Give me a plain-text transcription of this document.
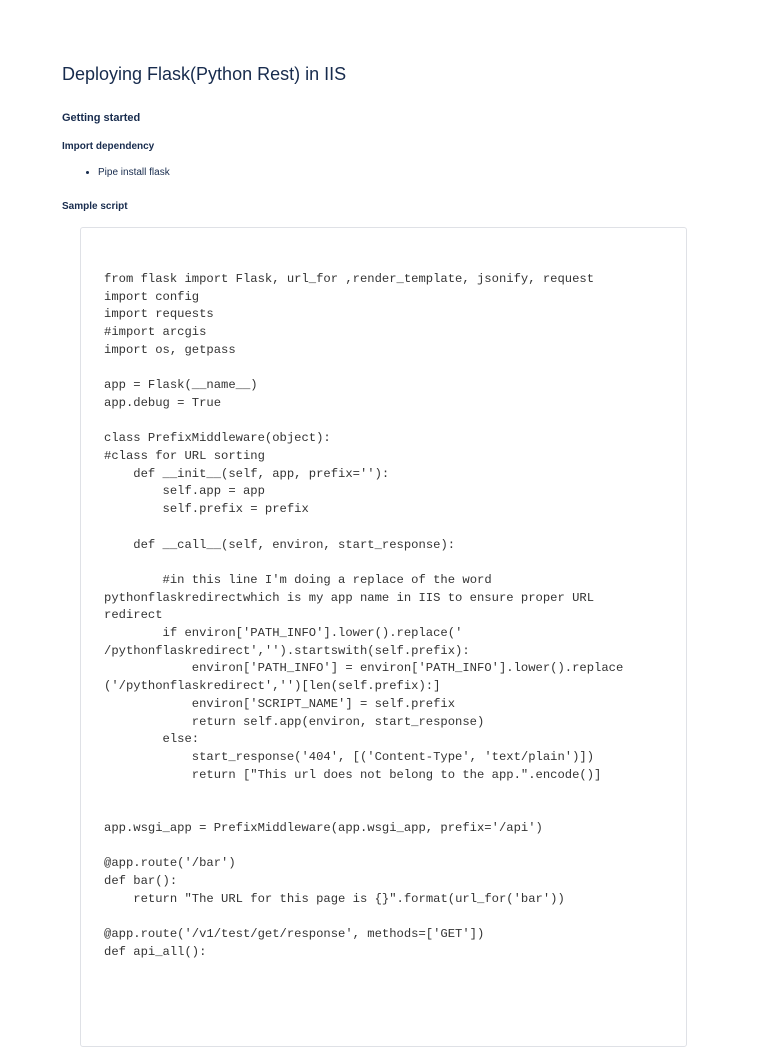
Deploying Flask(Python Rest) in IIS
Getting started
Import dependency
• Pipe install flask
Sample script
from flask import Flask, url_for ,render_template, jsonify, request
import config
import requests
#import arcgis
import os, getpass

app = Flask(__name__)
app.debug = True

class PrefixMiddleware(object):
#class for URL sorting
def __init__(self, app, prefix=''):
self.app = app
self.prefix = prefix

def __call__(self, environ, start_response):

#in this line I'm doing a replace of the word
pythonflaskredirectwhich is my app name in IIS to ensure proper URL
redirect
if environ['PATH_INFO'].lower().replace('
/pythonflaskredirect','').startswith(self.prefix):
environ['PATH_INFO'] = environ['PATH_INFO'].lower().replace
('/pythonflaskredirect','')[len(self.prefix):]
environ['SCRIPT_NAME'] = self.prefix
return self.app(environ, start_response)
else:
start_response('404', [('Content-Type', 'text/plain')])
return ["This url does not belong to the app.".encode()]

app.wsgi_app = PrefixMiddleware(app.wsgi_app, prefix='/api')

@app.route('/bar')
def bar():
return "The URL for this page is {}".format(url_for('bar'))

@app.route('/v1/test/get/response', methods=['GET'])
def api_all():
